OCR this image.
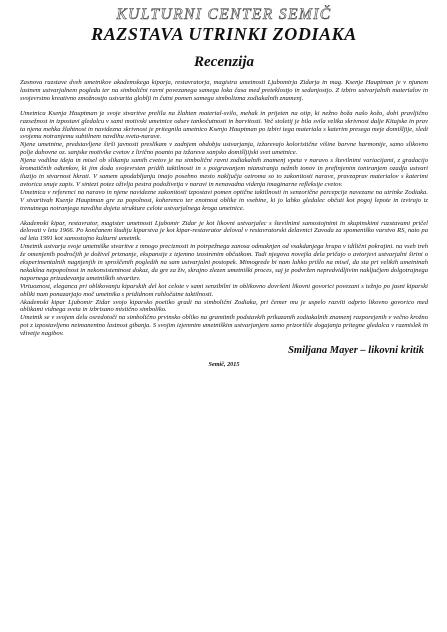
KULTURNI CENTER SEMIČ
RAZSTAVA UTRINKI ZODIAKA
Recenzija

Zasnova razstave dveh umetnikov akademskega kiparja, restavratorja, magistra umetnosti Ljubomirja Zidarja in mag. Ksenje Hauptman je v njunem lastnem ustvarjalnem pogledu ter na simbolični ravni povezanega samega loka časa med preteklostjo in sedanjostjo. Z izbiro ustvarjalnih materialov in svojevrstno kreativno zmožnostjo ustvarita globlji in čutni pomen samega simbolizma zodiakalnih znamenj.

Umetnica Ksenja Hauptman je svoje stvaritve prelila na žlahten material-svilo, mehak in prijeten na otip, ki nežno boža našo kožo, dobi pravljično razsežnost in izpostavi gledalcu v sami motivski umetnice odsev tankočutnosti in barvitosti. Več stoletij je bila svila velika skrivnost dalje Kitajske in prav ta njena mehka žlahtnost in navidezna skrivnost je pritegnila umetnico Ksenjo Hauptman po izbiri tega materiala s katerim presega meje domišljije, sledi svojemu notranjemu subtilnem navdihu sveta-narave.

Njene umetnine, predstavljene širši javnosti preslikam v zadnjem obdobju ustvarjanja, izžarevajo koloristične višine barvne harmonije, samo slikovno polje duhovne oz. sanjske motivike cvetov z lirično poanto pa izžareva sanjsko domišljijski svet umetnice.

Njena vodilna ideja in misel ob slikanju samih cvetov je na simbolični ravni zodiakalnih znamenj vpeta v naravo s številnimi variacijami, z gradacijo kromatičnih odtenkov, ki jim doda svojevrsten pridih taktilnosti in s poigravanjem niansiranja nežnih tonov in prefinjenim toniranjem ozadja ustvari iluzijo in stvarnost hkrati. V samem upodabljanju imajo posebno mesto naključja oziroma so to zakonitosti narave, pravzaprav materialov s katerimi avtorica snuje zapis. V sintezi potez oživlja pestra podoživetja v naravi in nenavadna videnja imaginarne refleksije cvetov.

Umetnica v referenci na naravo in njene navidezne zakonitosti izpostavi pomen optične taktilnosti in senzorične percepcije navezane na utrinke Zodiaka. V stvaritvah Ksenje Hauptman gre za popolnost, koherenco ter enotnost oblike in vsebine, ki jo lahko gledalec občuti kot pogoj lepote in izvirajo iz trenutnega notranjega navdiha dojeta strukture celote ustvarjalnega kroga umetnice.

Akademski kipar, restavrator, magister umetnosti Ljubomir Zidar je kot likovni ustvarjalec s številnimi samostojnimi in skupinskimi razstavami pričel delovati v letu 1966. Po končanem študiju kiparstva je kot kipar-restavrator deloval v restavratorski delavnici Zavoda za spomeniško varstvo RS, nato pa od leta 1991 kot samostojno kulturni umetnik.

Umetnik ustvarja svoje umetniške stvaritve z mnogo preciznosti in potrpežnega zanosa odmaknjen od vsakdanjega hrupa v idilični pokrajini. na vseh treh že omenjenih področjih je doživel priznanje, ekspansije z izjemno izostrenim občutkom. Tudi njegova novejša dela pričajo o avtorjevi ustvarjalni širini o eksperimentalnih nagnjenjih in sproščenih pogledih na sam ustvarjalni postopek. Mimogrede bi nam lahko prišlo na misel, da sta pri velikih umetninah nekakšna nepopolnost in nekonsistentnost dokaz, da gre za živ, skrajno zlezen umetniški proces, saj je podvržen nepredvidljivim naključjem dolgotrajnega napornega prizadevanja umetniških stvaritev.

Virtuoznost, eleganca pri oblikovanju kiparskih del kot celote v sami senzibilni in oblikovno dovršeni likovni govorici povezani s težnjo po jasni kiparski obliki nam ponazarjajo moč umetnika s prididnom rahločutne taktilnosti.

Akademski kipar Ljubomir Zidar svojo kiparsko poetiko gradi na simbolični Zodiaka, pri čemer mu je uspelo razviti odprto likovno govorico med oblikami vidnega sveta in izbrisano mistično simboliko.

Umetnik se v svojem delu osredotoči na simbolično prvinsko obliko na gramitnih podstavkih prikazanih zodiakalnih znamenj razporejenih v večno krožno pot z izpostavljeno neimanentno lastnost gibanja. S svojim izjemnim umetniškim ustvarjanjem samo prizorišče dogajanja pritegne gledalca v razmislek in vživetje nagibov.

Smiljana Mayer – likovni kritik
Semič, 2015
